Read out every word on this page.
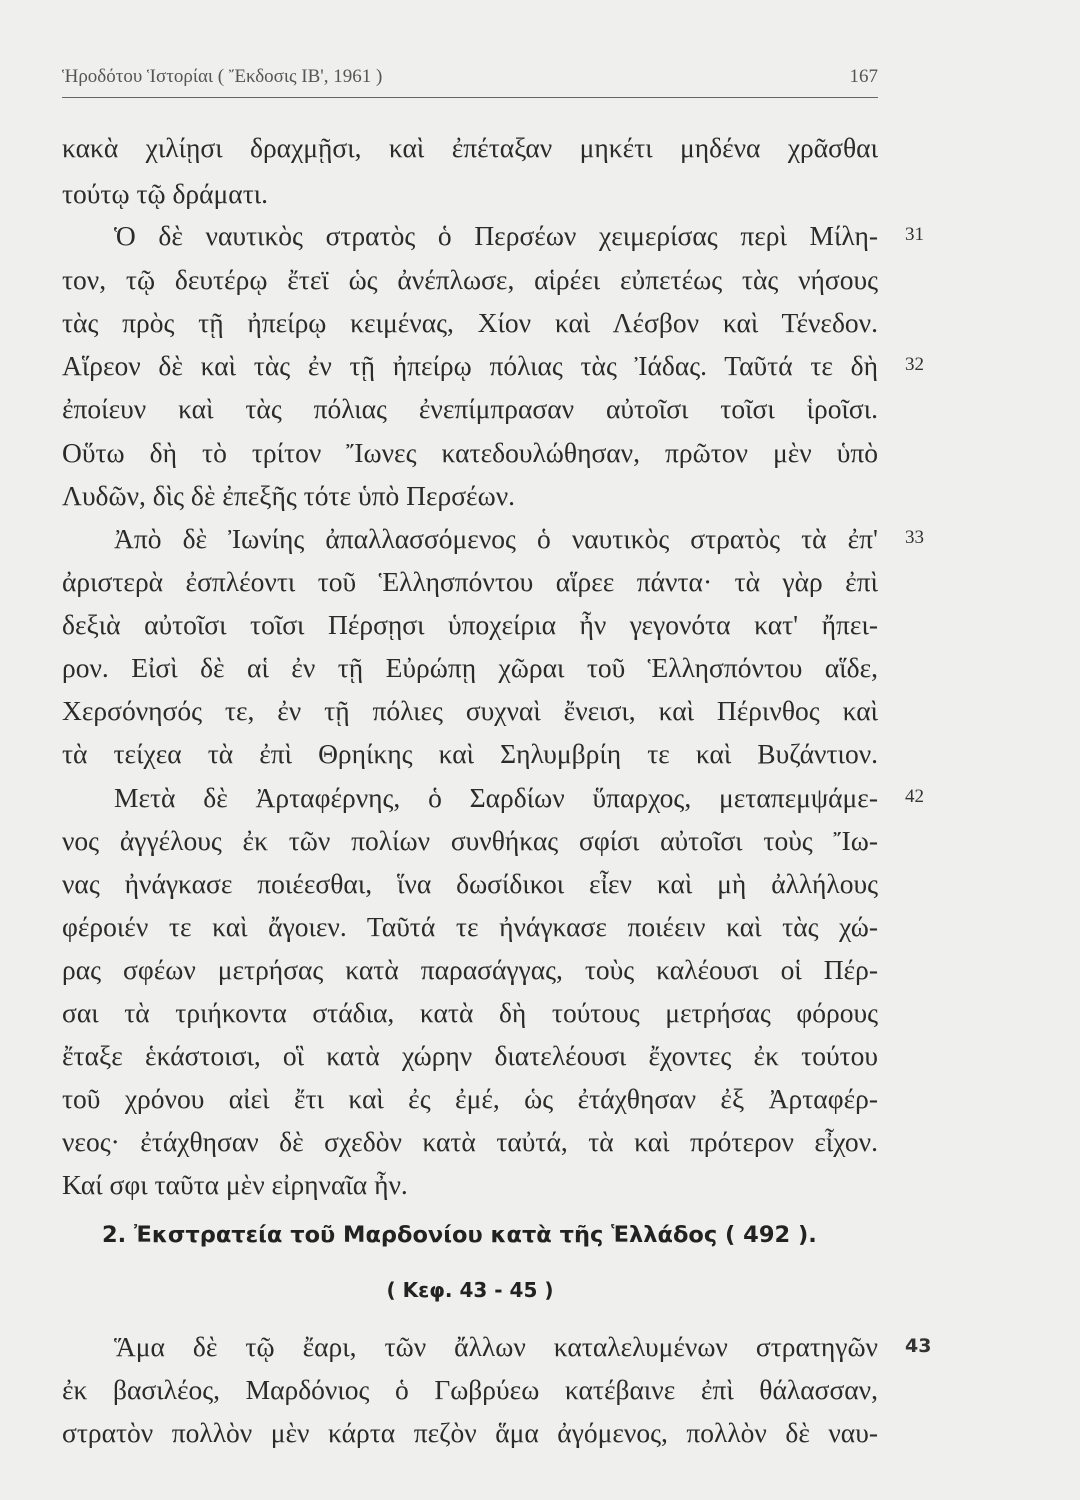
Ἡροδότου Ἱστορίαι ( Ἔκδοσις ΙΒ', 1961 )	167
κακὰ χιλίῃσι δραχμῇσι, καὶ ἐπέταξαν μηκέτι μηδένα χρᾶσθαι
τούτῳ τῷ δράματι.
Ὁ δὲ ναυτικὸς στρατὸς ὁ Περσέων χειμερίσας περὶ Μίλη-
τον, τῷ δευτέρῳ ἔτεϊ ὡς ἀνέπλωσε, αἱρέει εὐπετέως τὰς νήσους
τὰς πρὸς τῇ ἠπείρῳ κειμένας, Χίον καὶ Λέσβον καὶ Τένεδον.
Αἵρεον δὲ καὶ τὰς ἐν τῇ ἠπείρῳ πόλιας τὰς Ἰάδας. Ταῦτά τε δὴ
ἐποίευν καὶ τὰς πόλιας ἐνεπίμπρασαν αὐτοῖσι τοῖσι ἱροῖσι.
Οὕτω δὴ τὸ τρίτον Ἴωνες κατεδουλώθησαν, πρῶτον μὲν ὑπὸ
Λυδῶν, δὶς δὲ ἐπεξῆς τότε ὑπὸ Περσέων.
Ἀπὸ δὲ Ἰωνίης ἀπαλλασσόμενος ὁ ναυτικὸς στρατὸς τὰ ἐπ'
ἀριστερὰ ἐσπλέοντι τοῦ Ἑλλησπόντου αἵρεε πάντα· τὰ γὰρ ἐπὶ
δεξιὰ αὐτοῖσι τοῖσι Πέρσῃσι ὑποχείρια ἦν γεγονότα κατ' ἤπει-
ρον. Εἰσὶ δὲ αἱ ἐν τῇ Εὐρώπῃ χῶραι τοῦ Ἑλλησπόντου αἵδε,
Χερσόνησός τε, ἐν τῇ πόλιες συχναὶ ἔνεισι, καὶ Πέρινθος καὶ
τὰ τείχεα τὰ ἐπὶ Θρηίκης καὶ Σηλυμβρίη τε καὶ Βυζάντιον.
Μετὰ δὲ Ἀρταφέρνης, ὁ Σαρδίων ὕπαρχος, μεταπεμψάμε-
νος ἀγγέλους ἐκ τῶν πολίων συνθήκας σφίσι αὐτοῖσι τοὺς Ἴω-
νας ἠνάγκασε ποιέεσθαι, ἵνα δωσίδικοι εἶεν καὶ μὴ ἀλλήλους
φέροιέν τε καὶ ἄγοιεν. Ταῦτά τε ἠνάγκασε ποιέειν καὶ τὰς χώ-
ρας σφέων μετρήσας κατὰ παρασάγγας, τοὺς καλέουσι οἱ Πέρ-
σαι τὰ τριήκοντα στάδια, κατὰ δὴ τούτους μετρήσας φόρους
ἔταξε ἑκάστοισι, οἳ κατὰ χώρην διατελέουσι ἔχοντες ἐκ τούτου
τοῦ χρόνου αἰεὶ ἔτι καὶ ἐς ἐμέ, ὡς ἐτάχθησαν ἐξ Ἀρταφέρ-
νεος· ἐτάχθησαν δὲ σχεδὸν κατὰ ταὐτά, τὰ καὶ πρότερον εἶχον.
Καί σφι ταῦτα μὲν εἰρηναῖα ἦν.
2. Ἐκστρατεία τοῦ Μαρδονίου κατὰ τῆς Ἑλλάδος ( 492 ).
( Κεφ. 43 - 45 )
Ἅμα δὲ τῷ ἔαρι, τῶν ἄλλων καταλελυμένων στρατηγῶν
ἐκ βασιλέος, Μαρδόνιος ὁ Γωβρύεω κατέβαινε ἐπὶ θάλασσαν,
στρατὸν πολλὸν μὲν κάρτα πεζὸν ἅμα ἀγόμενος, πολλὸν δὲ ναυ-
31
32
33
42
43
